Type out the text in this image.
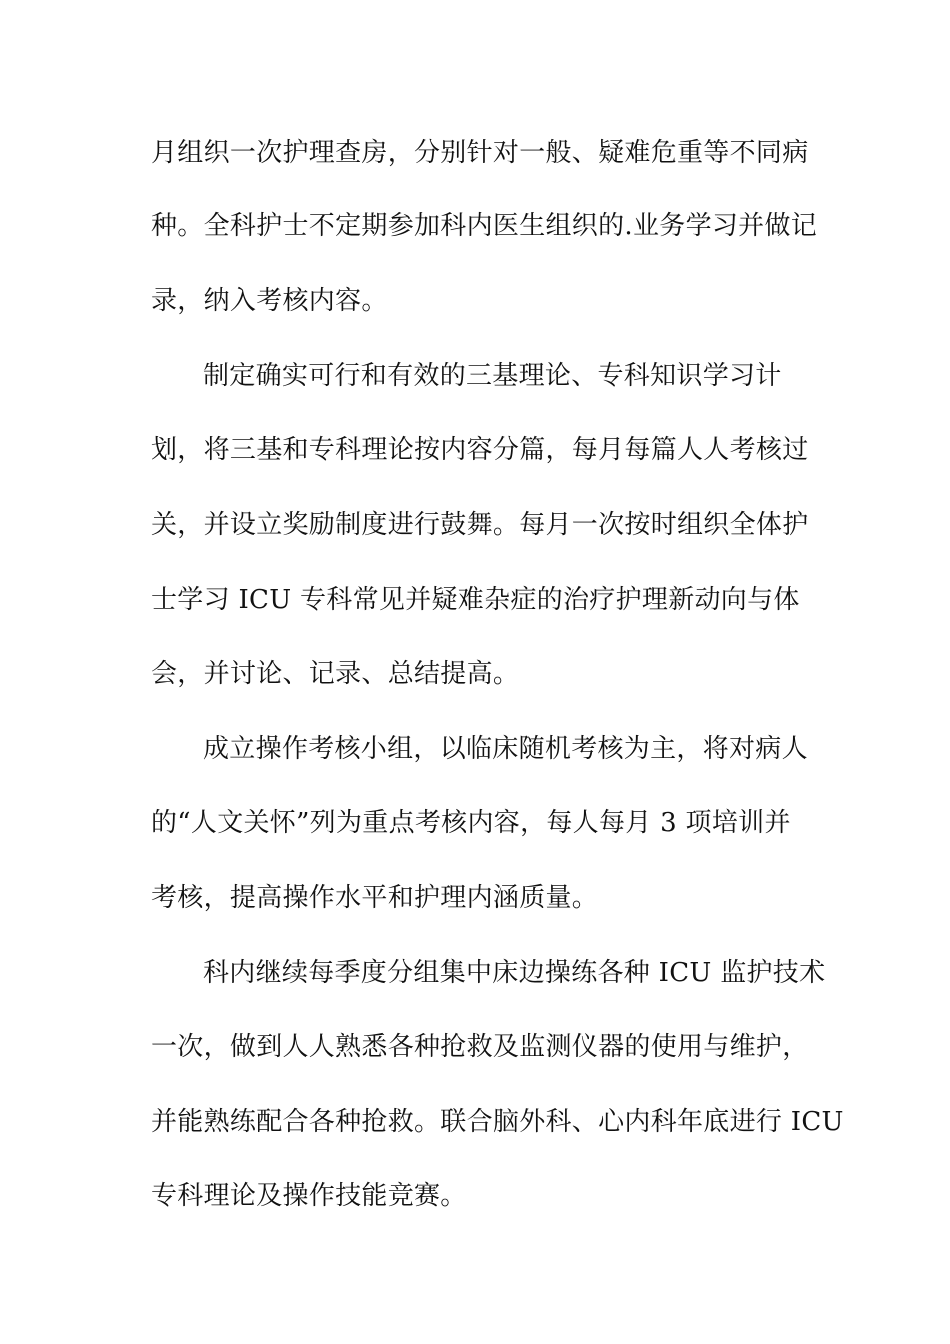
月组织一次护理查房，分别针对一般、疑难危重等不同病
种。全科护士不定期参加科内医生组织的.业务学习并做记
录，纳入考核内容。
制定确实可行和有效的三基理论、专科知识学习计
划，将三基和专科理论按内容分篇，每月每篇人人考核过
关，并设立奖励制度进行鼓舞。每月一次按时组织全体护
士学习 ICU 专科常见并疑难杂症的治疗护理新动向与体
会，并讨论、记录、总结提高。
成立操作考核小组，以临床随机考核为主，将对病人
的“人文关怀”列为重点考核内容，每人每月 3 项培训并
考核，提高操作水平和护理内涵质量。
科内继续每季度分组集中床边操练各种 ICU 监护技术
一次，做到人人熟悉各种抢救及监测仪器的使用与维护，
并能熟练配合各种抢救。联合脑外科、心内科年底进行 ICU
专科理论及操作技能竞赛。
